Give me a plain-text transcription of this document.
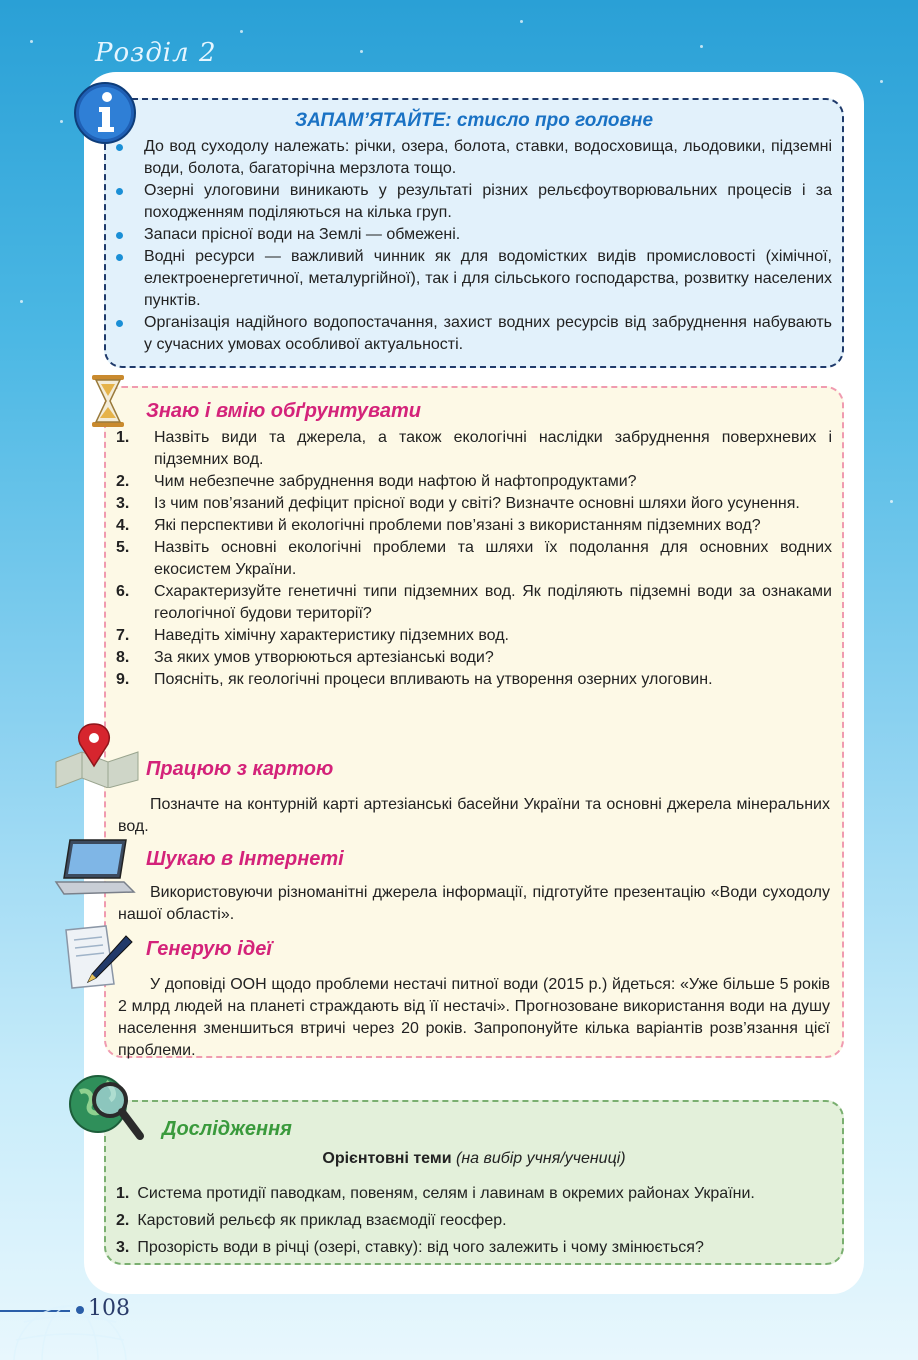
Розділ 2
ЗАПАМ’ЯТАЙТЕ: стисло про головне
До вод суходолу належать: річки, озера, болота, ставки, водосховища, льодовики, підземні води, болота, багаторічна мерзлота тощо.
Озерні улоговини виникають у результаті різних рельєфоутворювальних процесів і за походженням поділяються на кілька груп.
Запаси прісної води на Землі — обмежені.
Водні ресурси — важливий чинник як для водомістких видів промисловості (хімічної, електроенергетичної, металургійної), так і для сільського господарства, розвитку населених пунктів.
Організація надійного водопостачання, захист водних ресурсів від забруднення набувають у сучасних умовах особливої актуальності.
Знаю і вмію обґрунтувати
1. Назвіть види та джерела, а також екологічні наслідки забруднення поверхневих і підземних вод.
2. Чим небезпечне забруднення води нафтою й нафтопродуктами?
3. Із чим пов’язаний дефіцит прісної води у світі? Визначте основні шляхи його усунення.
4. Які перспективи й екологічні проблеми пов’язані з використанням підземних вод?
5. Назвіть основні екологічні проблеми та шляхи їх подолання для основних водних екосистем України.
6. Схарактеризуйте генетичні типи підземних вод. Як поділяють підземні води за ознаками геологічної будови території?
7. Наведіть хімічну характеристику підземних вод.
8. За яких умов утворюються артезіанські води?
9. Поясніть, як геологічні процеси впливають на утворення озерних улоговин.
Працюю з картою
Позначте на контурній карті артезіанські басейни України та основні джерела мінеральних вод.
Шукаю в Інтернеті
Використовуючи різноманітні джерела інформації, підготуйте презентацію «Води суходолу нашої області».
Генерую ідеї
У доповіді ООН щодо проблеми нестачі питної води (2015 р.) йдеться: «Уже більше 5 років 2 млрд людей на планеті страждають від її нестачі». Прогнозоване використання води на душу населення зменшиться втричі через 20 років. Запропонуйте кілька варіантів розв’язання цієї проблеми.
Дослідження
Орієнтовні теми (на вибір учня/учениці)
1. Система протидії паводкам, повеням, селям і лавинам в окремих районах України.
2. Карстовий рельєф як приклад взаємодії геосфер.
3. Прозорість води в річці (озері, ставку): від чого залежить і чому змінюється?
108
